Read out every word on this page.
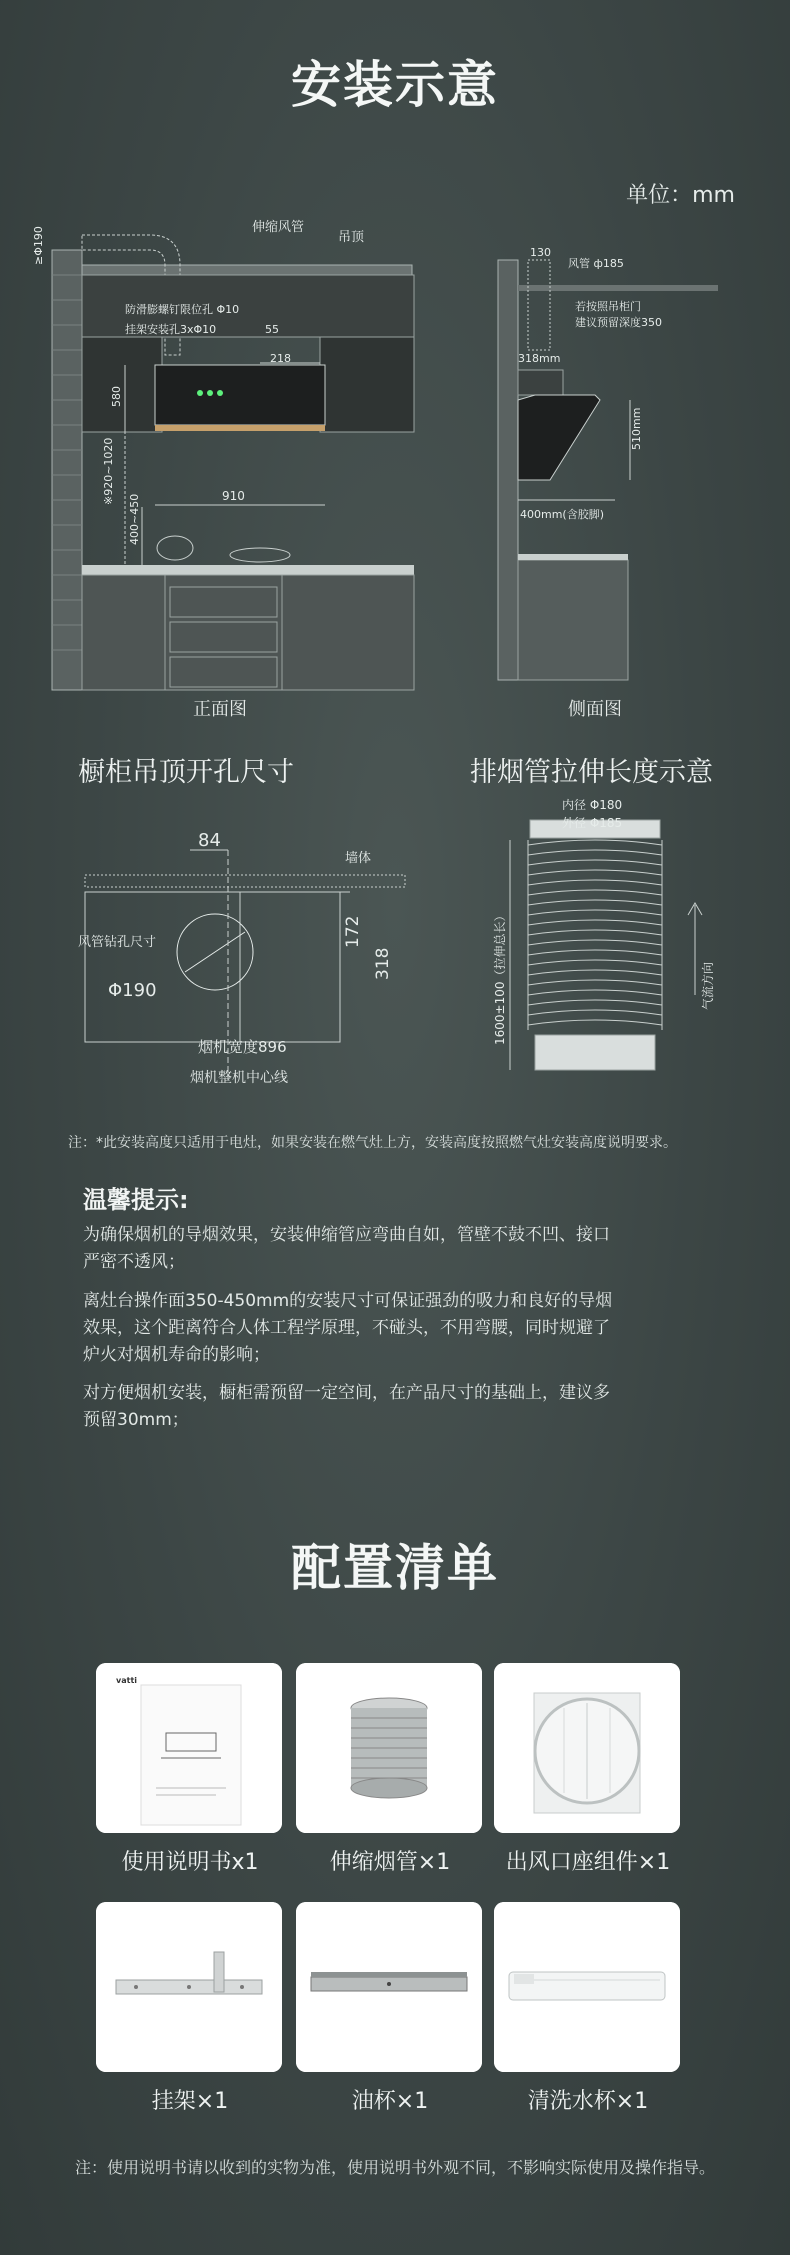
安装示意
单位：mm
≥Φ190	伸缩风管
吊顶
防滑膨螺钉限位孔 Φ10
挂架安装孔3xΦ10	55
218
580
※920~1020
400~450	910
正面图
130
风管 ф185
若按照吊柜门
建议预留深度350
318mm
510mm
400mm(含胶脚)
侧面图
橱柜吊顶开孔尺寸
84
墙体
风管钻孔尺寸
Φ190
172
318
烟机宽度896
烟机整机中心线
排烟管拉伸长度示意
内径 Φ180
外径 Φ185
1600±100（拉伸总长）	气流方向
注：*此安装高度只适用于电灶，如果安装在燃气灶上方，安装高度按照燃气灶安装高度说明要求。
温馨提示:
为确保烟机的导烟效果，安装伸缩管应弯曲自如，管壁不鼓不凹、接口严密不透风；
离灶台操作面350-450mm的安装尺寸可保证强劲的吸力和良好的导烟效果，这个距离符合人体工程学原理，不碰头，不用弯腰，同时规避了炉火对烟机寿命的影响；
对方便烟机安装，橱柜需预留一定空间，在产品尺寸的基础上，建议多预留30mm；
配置清单
vatti
使用说明书x1	伸缩烟管×1	出风口座组件×1
挂架×1	油杯×1	清洗水杯×1
注：使用说明书请以收到的实物为准，使用说明书外观不同，不影响实际使用及操作指导。
